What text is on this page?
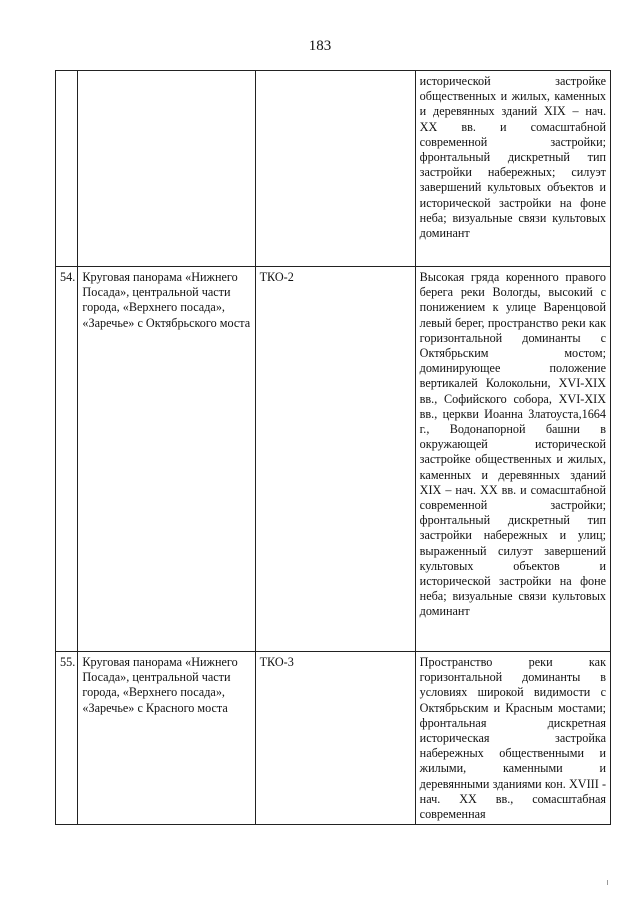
183
			исторической застройке общественных и жилых, каменных и деревянных зданий XIX – нач. XX вв. и сомасштабной современной застройки; фронтальный дискретный тип застройки набережных; силуэт завершений культовых объектов и исторической застройки на фоне неба; визуальные связи культовых доминант
54.	Круговая панорама «Нижнего Посада», центральной части города, «Верхнего посада», «Заречье» с Октябрьского моста	ТКО-2	Высокая гряда коренного правого берега реки Вологды, высокий с понижением к улице Варенцовой левый берег, пространство реки как горизонтальной доминанты с Октябрьским мостом; доминирующее положение вертикалей Колокольни, XVI-XIX вв., Софийского собора, XVI-XIX вв., церкви Иоанна Златоуста,1664 г., Водонапорной башни в окружающей исторической застройке общественных и жилых, каменных и деревянных зданий XIX – нач. XX вв. и сомасштабной современной застройки; фронтальный дискретный тип застройки набережных и улиц; выраженный силуэт завершений культовых объектов и исторической застройки на фоне неба; визуальные связи культовых доминант
55.	Круговая панорама «Нижнего Посада», центральной части города, «Верхнего посада», «Заречье» с Красного моста	ТКО-3	Пространство реки как горизонтальной доминанты в условиях широкой видимости с Октябрьским и Красным мостами; фронтальная дискретная историческая застройка набережных общественными и жилыми, каменными и деревянными зданиями кон. XVIII - нач. XX вв., сомасштабная современная
